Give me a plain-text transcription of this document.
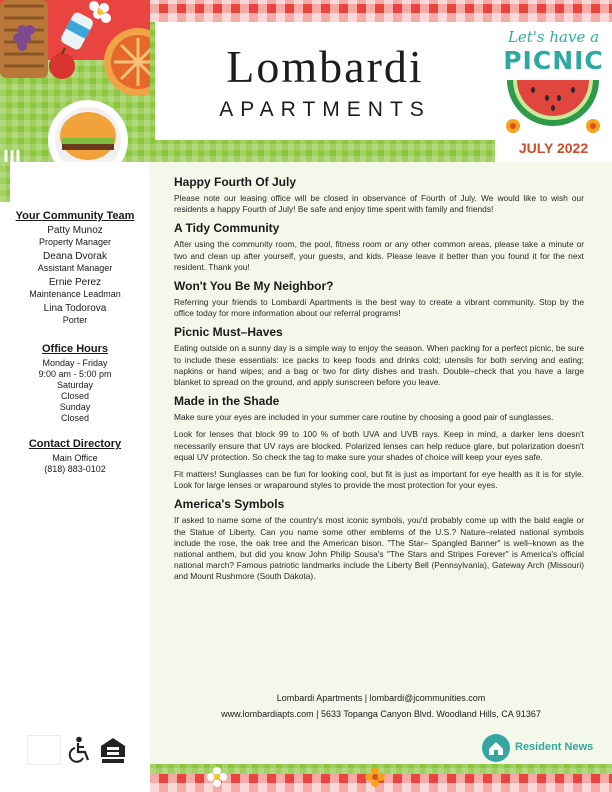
Lombardi
APARTMENTS
Let's have a
PICNIC
JULY 2022
Your Community Team
Patty Munoz
Property Manager
Deana Dvorak
Assistant Manager
Ernie Perez
Maintenance Leadman
Lina Todorova
Porter
Office Hours
Monday - Friday
9:00 am - 5:00 pm
Saturday
Closed
Sunday
Closed
Contact Directory
Main Office
(818) 883-0102
Happy Fourth Of July

Please note our leasing office will be closed in observance of Fourth of July. We would like to wish our residents a happy Fourth of July! Be safe and enjoy time spent with family and friends!

A Tidy Community

After using the community room, the pool, fitness room or any other common areas, please take a minute or two and clean up after yourself, your guests, and kids. Please leave it better than you found it for the next resident. Thank you!

Won't You Be My Neighbor?

Referring your friends to Lombardi Apartments is the best way to create a vibrant community. Stop by the office today for more information about our referral programs!

Picnic Must–Haves

Eating outside on a sunny day is a simple way to enjoy the season. When packing for a perfect picnic, be sure to include these essentials: ice packs to keep foods and drinks cold; utensils for both serving and eating; napkins or hand wipes; and a bag or two for dirty dishes and trash. Double–check that you have a large blanket to spread on the ground, and apply sunscreen before you leave.

Made in the Shade

Make sure your eyes are included in your summer care routine by choosing a good pair of sunglasses.

Look for lenses that block 99 to 100 % of both UVA and UVB rays. Keep in mind, a darker lens doesn't necessarily ensure that UV rays are blocked. Polarized lenses can help reduce glare, but polarization doesn't equal UV protection. So check the tag to make sure your shades of choice will keep your eyes safe.

Fit matters! Sunglasses can be fun for looking cool, but fit is just as important for eye health as it is for style. Look for large lenses or wraparound styles to provide the most protection for your eyes.

America's Symbols

If asked to name some of the country's most iconic symbols, you'd probably come up with the bald eagle or the Statue of Liberty. Can you name some other emblems of the U.S.? Nature–related national symbols include the rose, the oak tree and the American bison. "The Star– Spangled Banner" is well–known as the national anthem, but did you know John Philip Sousa's "The Stars and Stripes Forever" is America's official national march? Famous patriotic landmarks include the Liberty Bell (Pennsylvania), Gateway Arch (Missouri) and Mount Rushmore (South Dakota).

Lombardi Apartments | lombardi@jcommunities.com
www.lombardiapts.com | 5633 Topanga Canyon Blvd. Woodland Hills, CA 91367
Resident News
